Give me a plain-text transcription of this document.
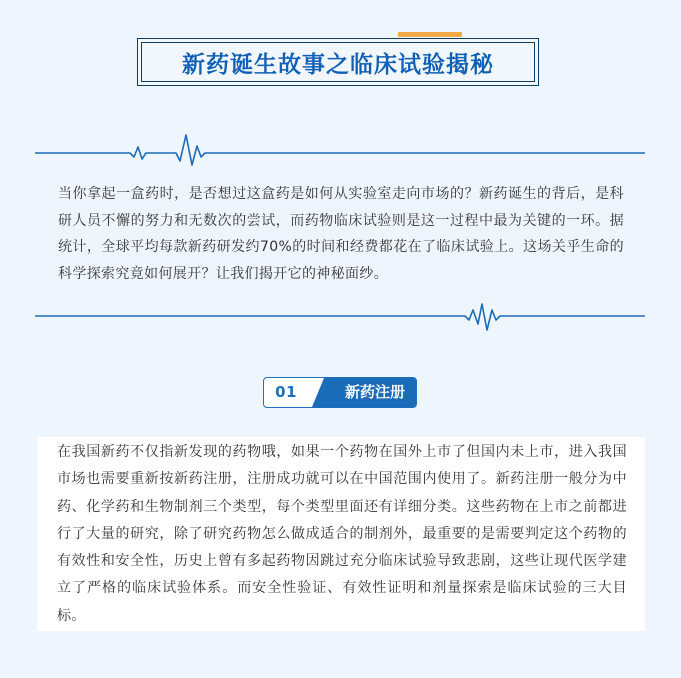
新药诞生故事之临床试验揭秘

当你拿起一盒药时，是否想过这盒药是如何从实验室走向市场的？新药诞生的背后，是科研人员不懈的努力和无数次的尝试，而药物临床试验则是这一过程中最为关键的一环。据统计，全球平均每款新药研发约70%的时间和经费都花在了临床试验上。这场关乎生命的科学探索究竟如何展开？让我们揭开它的神秘面纱。

01	新药注册

在我国新药不仅指新发现的药物哦，如果一个药物在国外上市了但国内未上市，进入我国市场也需要重新按新药注册，注册成功就可以在中国范围内使用了。新药注册一般分为中药、化学药和生物制剂三个类型，每个类型里面还有详细分类。这些药物在上市之前都进行了大量的研究，除了研究药物怎么做成适合的制剂外，最重要的是需要判定这个药物的有效性和安全性，历史上曾有多起药物因跳过充分临床试验导致悲剧，这些让现代医学建立了严格的临床试验体系。而安全性验证、有效性证明和剂量探索是临床试验的三大目标。
